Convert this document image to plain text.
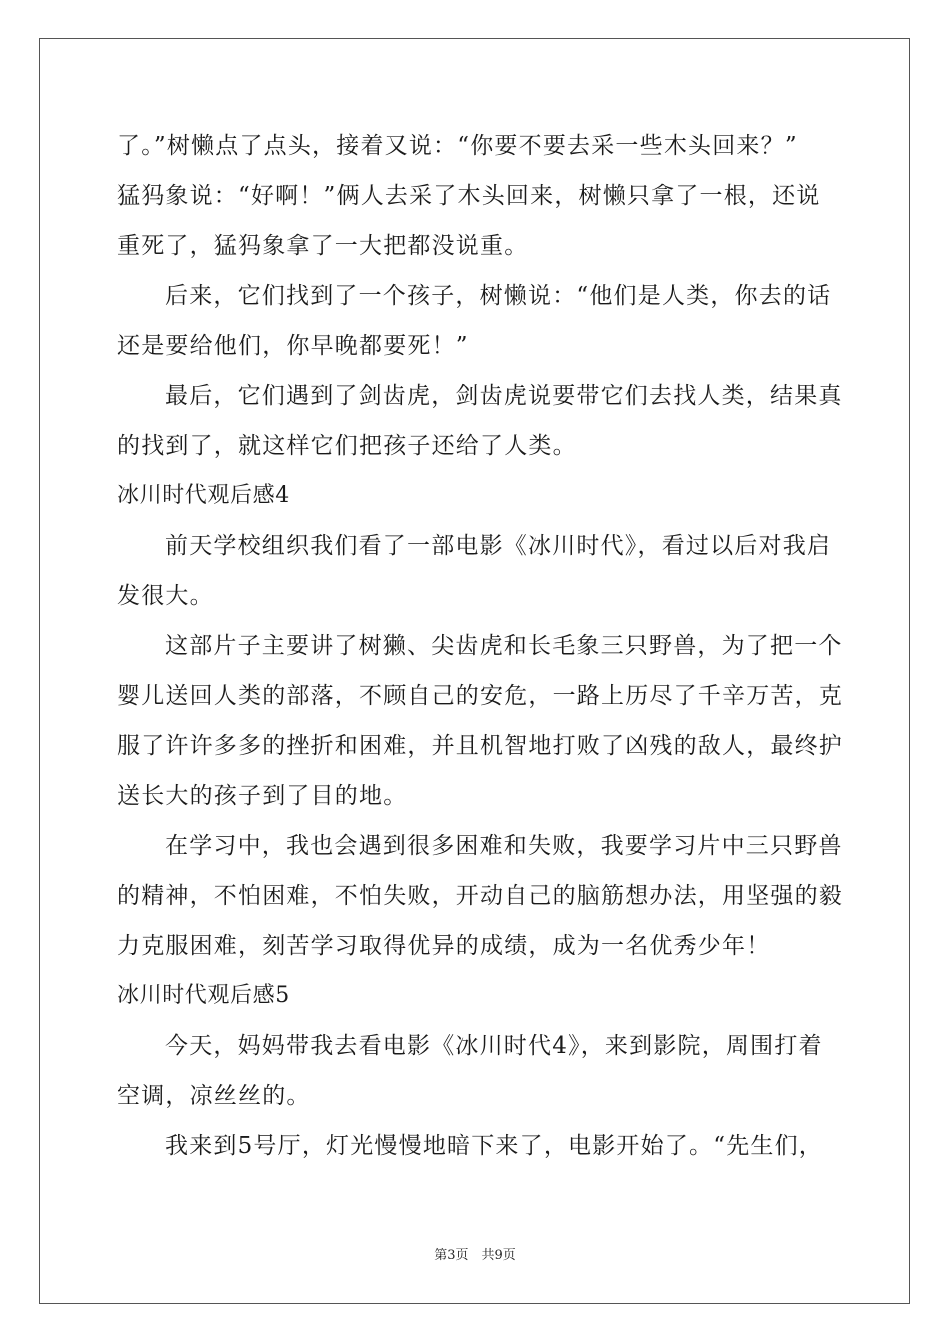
了。”树懒点了点头，接着又说：“你要不要去采一些木头回来？”
猛犸象说：“好啊！”俩人去采了木头回来，树懒只拿了一根，还说
重死了，猛犸象拿了一大把都没说重。
后来，它们找到了一个孩子，树懒说：“他们是人类，你去的话
还是要给他们，你早晚都要死！”
最后，它们遇到了剑齿虎，剑齿虎说要带它们去找人类，结果真
的找到了，就这样它们把孩子还给了人类。
冰川时代观后感4
前天学校组织我们看了一部电影《冰川时代》，看过以后对我启
发很大。
这部片子主要讲了树獭、尖齿虎和长毛象三只野兽，为了把一个
婴儿送回人类的部落，不顾自己的安危，一路上历尽了千辛万苦，克
服了许许多多的挫折和困难，并且机智地打败了凶残的敌人，最终护
送长大的孩子到了目的地。
在学习中，我也会遇到很多困难和失败，我要学习片中三只野兽
的精神，不怕困难，不怕失败，开动自己的脑筋想办法，用坚强的毅
力克服困难，刻苦学习取得优异的成绩，成为一名优秀少年！
冰川时代观后感5
今天，妈妈带我去看电影《冰川时代4》，来到影院，周围打着
空调，凉丝丝的。
我来到5号厅，灯光慢慢地暗下来了，电影开始了。“先生们，
第3页　共9页
